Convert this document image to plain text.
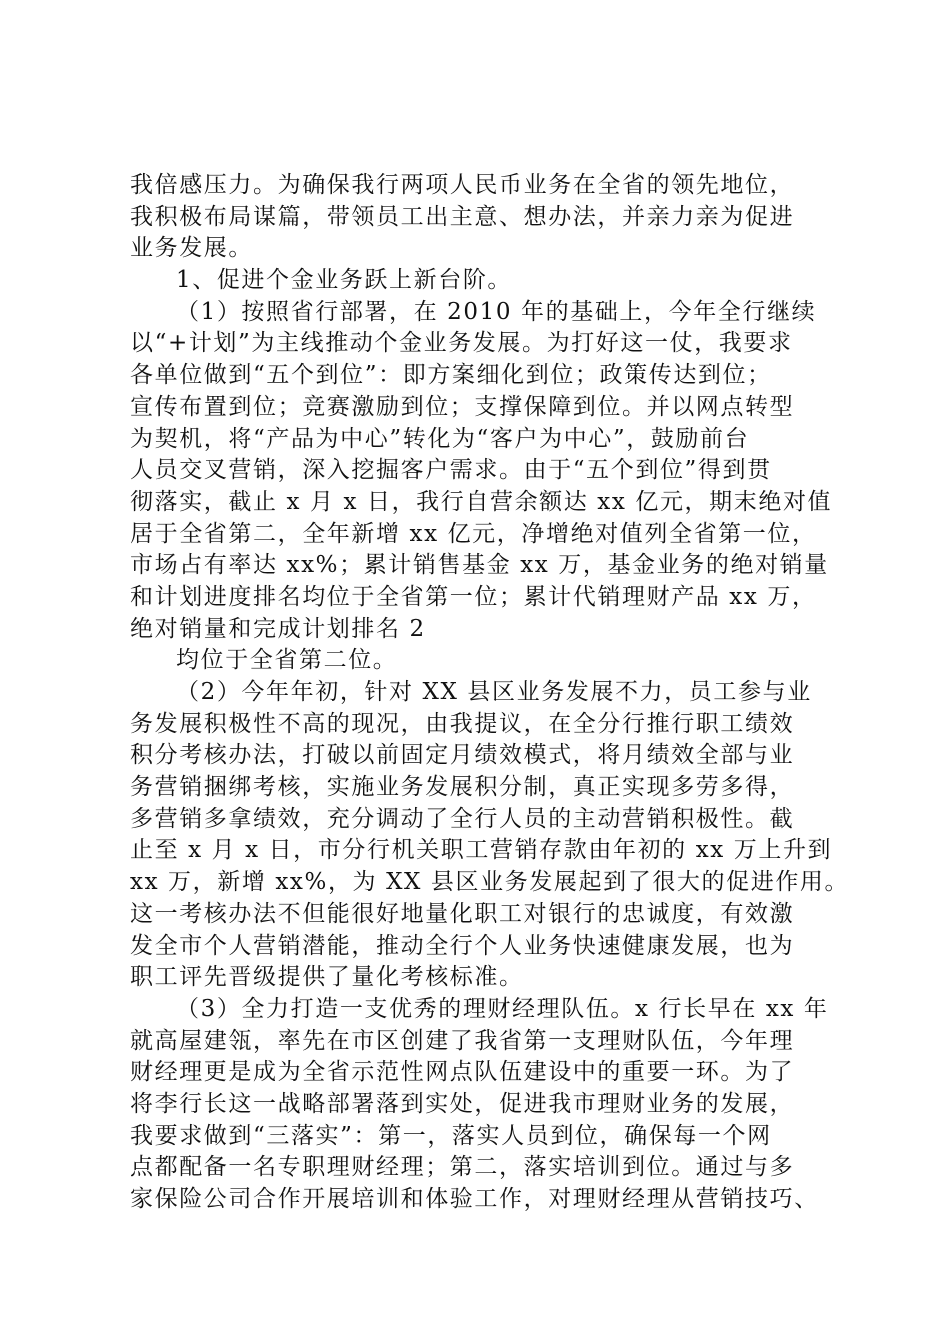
我倍感压力。为确保我行两项人民币业务在全省的领先地位，
我积极布局谋篇，带领员工出主意、想办法，并亲力亲为促进
业务发展。
1、促进个金业务跃上新台阶。
（1）按照省行部署，在 2010 年的基础上，今年全行继续
以“+计划”为主线推动个金业务发展。为打好这一仗，我要求
各单位做到“五个到位”：即方案细化到位；政策传达到位；
宣传布置到位；竞赛激励到位；支撑保障到位。并以网点转型
为契机，将“产品为中心”转化为“客户为中心”，鼓励前台
人员交叉营销，深入挖掘客户需求。由于“五个到位”得到贯
彻落实，截止 x 月 x 日，我行自营余额达 xx 亿元，期末绝对值
居于全省第二，全年新增 xx 亿元，净增绝对值列全省第一位，
市场占有率达 xx%；累计销售基金 xx 万，基金业务的绝对销量
和计划进度排名均位于全省第一位；累计代销理财产品 xx 万，
绝对销量和完成计划排名 2
均位于全省第二位。
（2）今年年初，针对 XX 县区业务发展不力，员工参与业
务发展积极性不高的现况，由我提议，在全分行推行职工绩效
积分考核办法，打破以前固定月绩效模式，将月绩效全部与业
务营销捆绑考核，实施业务发展积分制，真正实现多劳多得，
多营销多拿绩效，充分调动了全行人员的主动营销积极性。截
止至 x 月 x 日，市分行机关职工营销存款由年初的 xx 万上升到
xx 万，新增 xx%，为 XX 县区业务发展起到了很大的促进作用。
这一考核办法不但能很好地量化职工对银行的忠诚度，有效激
发全市个人营销潜能，推动全行个人业务快速健康发展，也为
职工评先晋级提供了量化考核标准。
（3）全力打造一支优秀的理财经理队伍。x 行长早在 xx 年
就高屋建瓴，率先在市区创建了我省第一支理财队伍，今年理
财经理更是成为全省示范性网点队伍建设中的重要一环。为了
将李行长这一战略部署落到实处，促进我市理财业务的发展，
我要求做到“三落实”：第一，落实人员到位，确保每一个网
点都配备一名专职理财经理；第二，落实培训到位。通过与多
家保险公司合作开展培训和体验工作，对理财经理从营销技巧、
